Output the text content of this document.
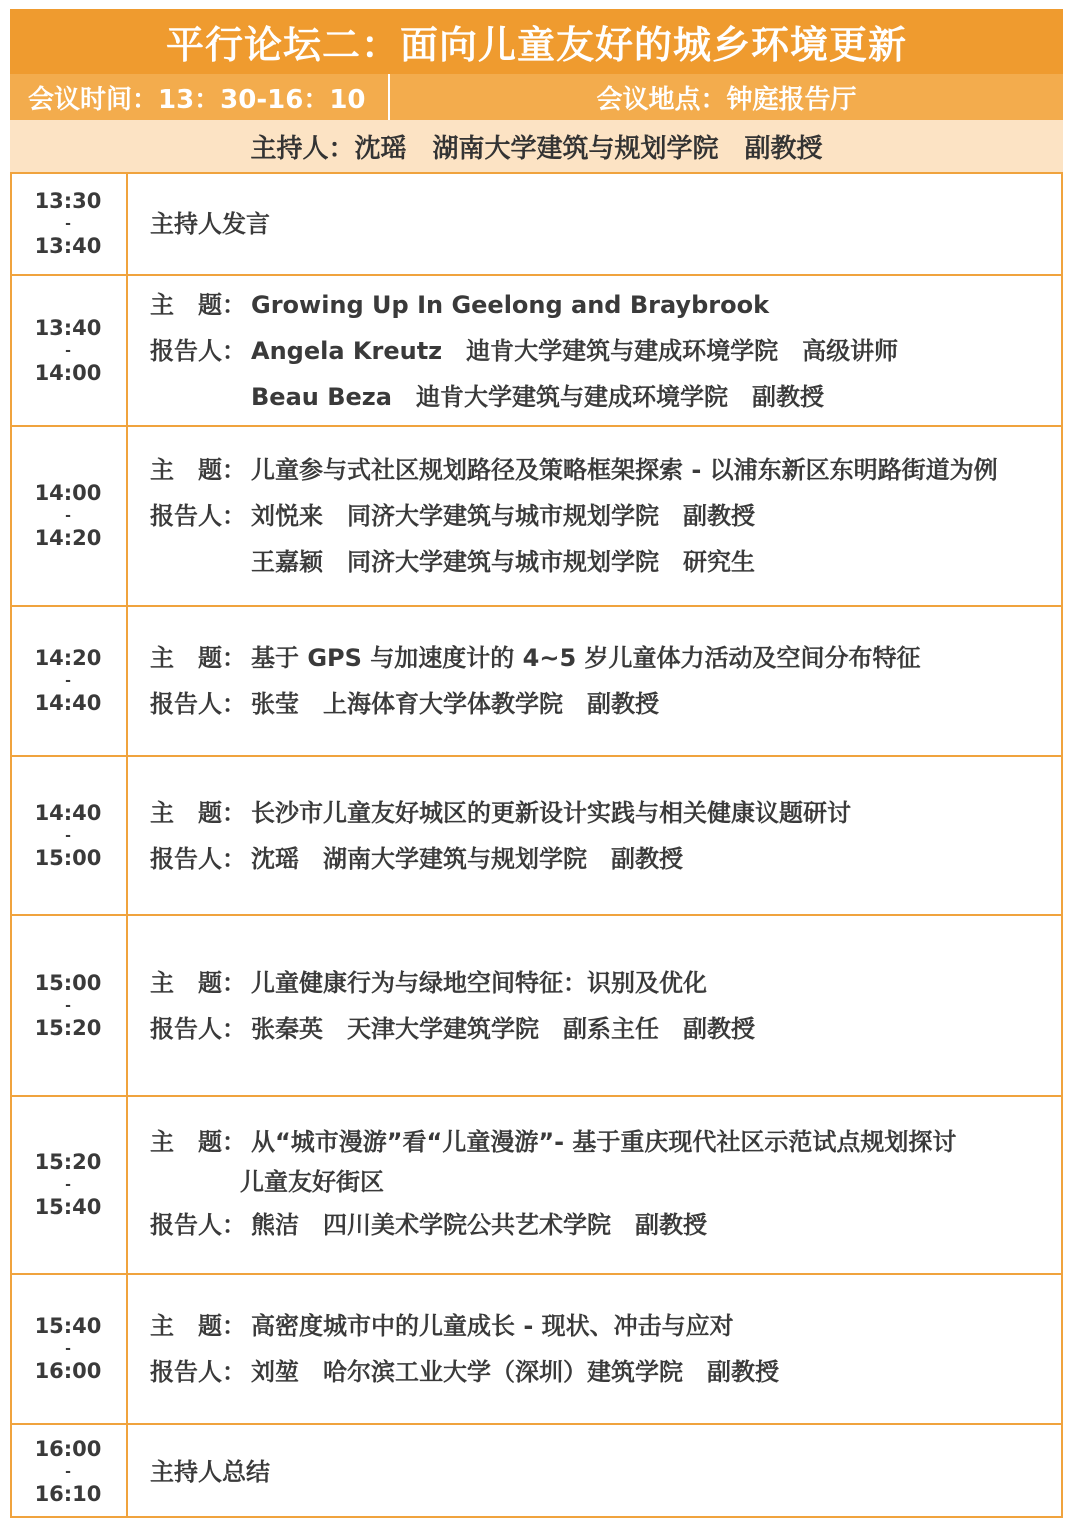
平行论坛二：面向儿童友好的城乡环境更新
会议时间：13：30-16：10	会议地点：钟庭报告厅
主持人：沈瑶　湖南大学建筑与规划学院　副教授
13:30
-
13:40
主持人发言
13:40
-
14:00
主　题： Growing Up In Geelong and Braybrook
报告人： Angela Kreutz　迪肯大学建筑与建成环境学院　高级讲师
Beau Beza　迪肯大学建筑与建成环境学院　副教授
14:00
-
14:20
主　题： 儿童参与式社区规划路径及策略框架探索 - 以浦东新区东明路街道为例
报告人： 刘悦来　同济大学建筑与城市规划学院　副教授
王嘉颖　同济大学建筑与城市规划学院　研究生
14:20
-
14:40
主　题： 基于 GPS 与加速度计的 4~5 岁儿童体力活动及空间分布特征
报告人： 张莹　上海体育大学体教学院　副教授
14:40
-
15:00
主　题： 长沙市儿童友好城区的更新设计实践与相关健康议题研讨
报告人： 沈瑶　湖南大学建筑与规划学院　副教授
15:00
-
15:20
主　题： 儿童健康行为与绿地空间特征：识别及优化
报告人： 张秦英　天津大学建筑学院　副系主任　副教授
15:20
-
15:40
主　题： 从“城市漫游”看“儿童漫游”- 基于重庆现代社区示范试点规划探讨
儿童友好街区
报告人： 熊洁　四川美术学院公共艺术学院　副教授
15:40
-
16:00
主　题： 高密度城市中的儿童成长 - 现状、冲击与应对
报告人： 刘堃　哈尔滨工业大学（深圳）建筑学院　副教授
16:00
-
16:10
主持人总结
